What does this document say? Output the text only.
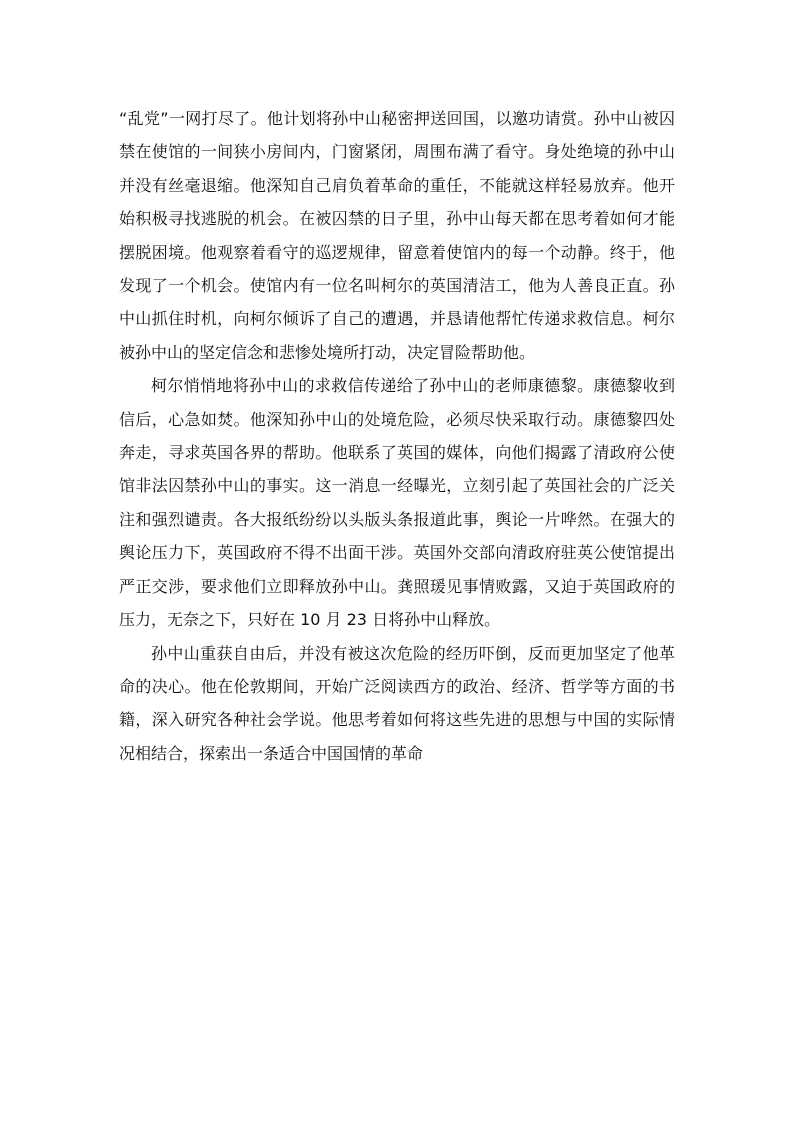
“乱党”一网打尽了。他计划将孙中山秘密押送回国，以邀功请赏。孙中山被囚禁在使馆的一间狭小房间内，门窗紧闭，周围布满了看守。身处绝境的孙中山并没有丝毫退缩。他深知自己肩负着革命的重任，不能就这样轻易放弃。他开始积极寻找逃脱的机会。在被囚禁的日子里，孙中山每天都在思考着如何才能摆脱困境。他观察着看守的巡逻规律，留意着使馆内的每一个动静。终于，他发现了一个机会。使馆内有一位名叫柯尔的英国清洁工，他为人善良正直。孙中山抓住时机，向柯尔倾诉了自己的遭遇，并恳请他帮忙传递求救信息。柯尔被孙中山的坚定信念和悲惨处境所打动，决定冒险帮助他。

柯尔悄悄地将孙中山的求救信传递给了孙中山的老师康德黎。康德黎收到信后，心急如焚。他深知孙中山的处境危险，必须尽快采取行动。康德黎四处奔走，寻求英国各界的帮助。他联系了英国的媒体，向他们揭露了清政府公使馆非法囚禁孙中山的事实。这一消息一经曝光，立刻引起了英国社会的广泛关注和强烈谴责。各大报纸纷纷以头版头条报道此事，舆论一片哗然。在强大的舆论压力下，英国政府不得不出面干涉。英国外交部向清政府驻英公使馆提出严正交涉，要求他们立即释放孙中山。龚照瑗见事情败露，又迫于英国政府的压力，无奈之下，只好在 10 月 23 日将孙中山释放。

孙中山重获自由后，并没有被这次危险的经历吓倒，反而更加坚定了他革命的决心。他在伦敦期间，开始广泛阅读西方的政治、经济、哲学等方面的书籍，深入研究各种社会学说。他思考着如何将这些先进的思想与中国的实际情况相结合，探索出一条适合中国国情的革命
